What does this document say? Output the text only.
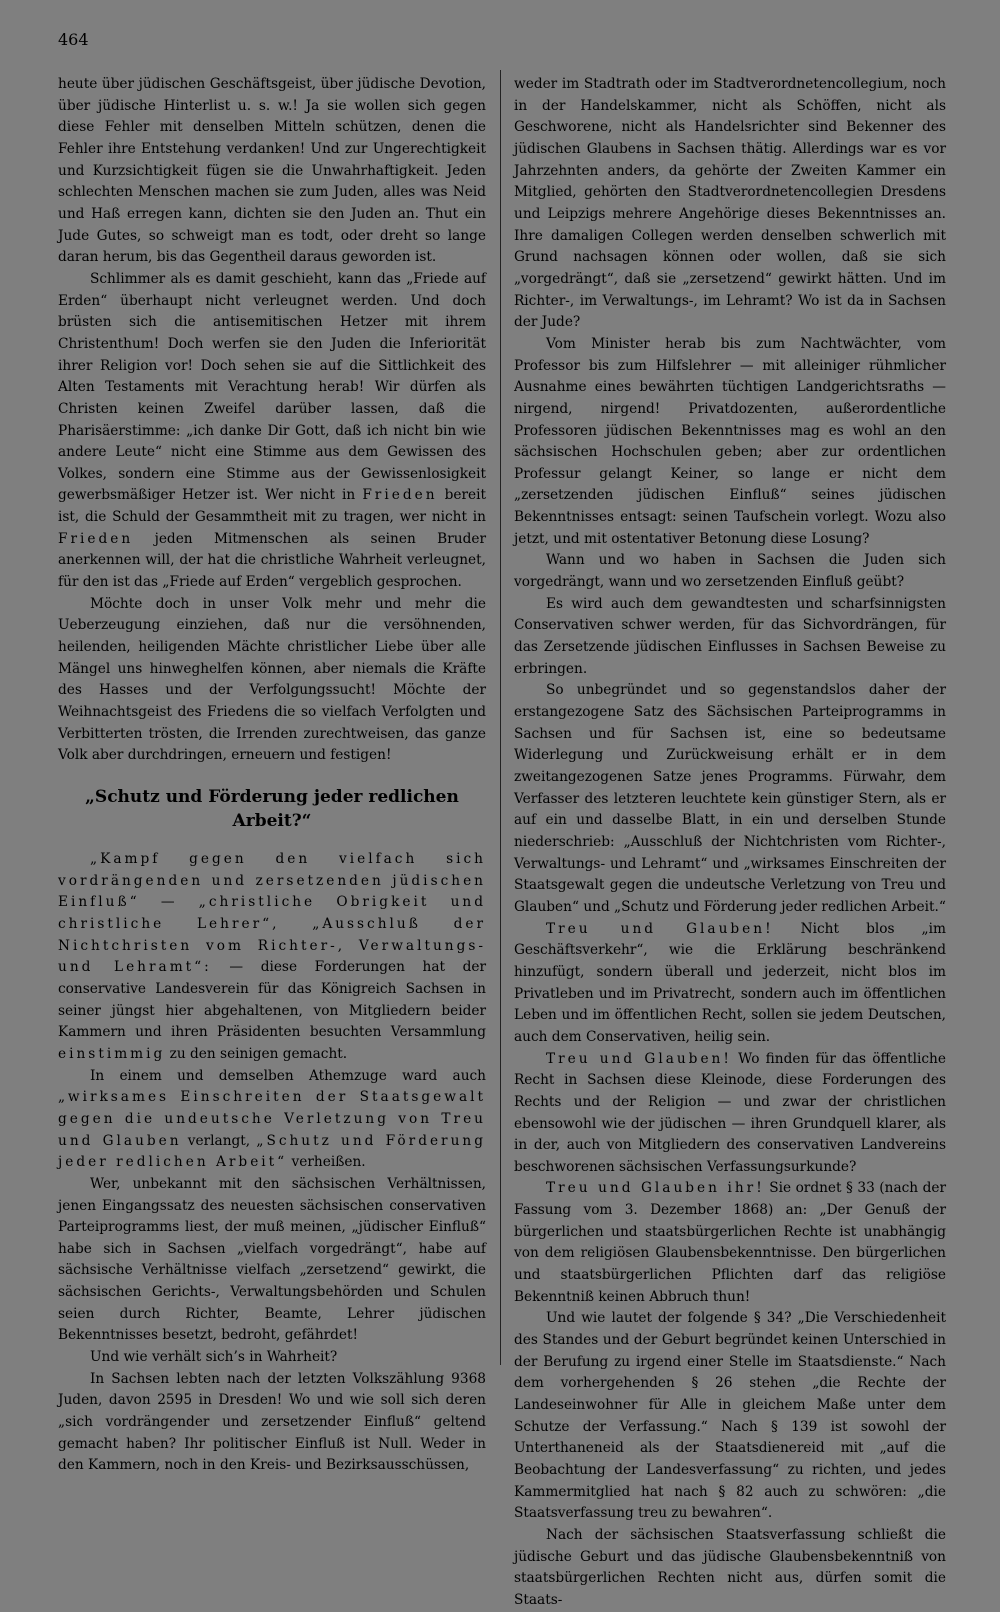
464

heute über jüdischen Geschäftsgeist, über jüdische Devotion, über jüdische Hinterlist u. s. w.! Ja sie wollen sich gegen diese Fehler mit denselben Mitteln schützen, denen die Fehler ihre Entstehung verdanken! Und zur Ungerechtigkeit und Kurzsichtigkeit fügen sie die Unwahrhaftigkeit. Jeden schlechten Menschen machen sie zum Juden, alles was Neid und Haß erregen kann, dichten sie den Juden an. Thut ein Jude Gutes, so schweigt man es todt, oder dreht so lange daran herum, bis das Gegentheil daraus geworden ist.

Schlimmer als es damit geschieht, kann das „Friede auf Erden“ überhaupt nicht verleugnet werden. Und doch brüsten sich die antisemitischen Hetzer mit ihrem Christenthum! Doch werfen sie den Juden die Inferiorität ihrer Religion vor! Doch sehen sie auf die Sittlichkeit des Alten Testaments mit Verachtung herab! Wir dürfen als Christen keinen Zweifel darüber lassen, daß die Pharisäerstimme: „ich danke Dir Gott, daß ich nicht bin wie andere Leute“ nicht eine Stimme aus dem Gewissen des Volkes, sondern eine Stimme aus der Gewissenlosigkeit gewerbsmäßiger Hetzer ist. Wer nicht in Frieden bereit ist, die Schuld der Gesammtheit mit zu tragen, wer nicht in Frieden jeden Mitmenschen als seinen Bruder anerkennen will, der hat die christliche Wahrheit verleugnet, für den ist das „Friede auf Erden“ vergeblich gesprochen.

Möchte doch in unser Volk mehr und mehr die Ueberzeugung einziehen, daß nur die versöhnenden, heilenden, heiligenden Mächte christlicher Liebe über alle Mängel uns hinweghelfen können, aber niemals die Kräfte des Hasses und der Verfolgungssucht! Möchte der Weihnachtsgeist des Friedens die so vielfach Verfolgten und Verbitterten trösten, die Irrenden zurechtweisen, das ganze Volk aber durchdringen, erneuern und festigen!

„Schutz und Förderung jeder redlichen Arbeit?“

„Kampf gegen den vielfach sich vordrängenden und zersetzenden jüdischen Einfluß“ — „christliche Obrigkeit und christliche Lehrer“, „Ausschluß der Nichtchristen vom Richter-, Verwaltungs- und Lehramt“: — diese Forderungen hat der conservative Landesverein für das Königreich Sachsen in seiner jüngst hier abgehaltenen, von Mitgliedern beider Kammern und ihren Präsidenten besuchten Versammlung einstimmig zu den seinigen gemacht.

In einem und demselben Athemzuge ward auch „wirksames Einschreiten der Staatsgewalt gegen die undeutsche Verletzung von Treu und Glauben verlangt, „Schutz und Förderung jeder redlichen Arbeit“ verheißen.

Wer, unbekannt mit den sächsischen Verhältnissen, jenen Eingangssatz des neuesten sächsischen conservativen Parteiprogramms liest, der muß meinen, „jüdischer Einfluß“ habe sich in Sachsen „vielfach vorgedrängt“, habe auf sächsische Verhältnisse vielfach „zersetzend“ gewirkt, die sächsischen Gerichts-, Verwaltungsbehörden und Schulen seien durch Richter, Beamte, Lehrer jüdischen Bekenntnisses besetzt, bedroht, gefährdet!

Und wie verhält sich’s in Wahrheit?

In Sachsen lebten nach der letzten Volkszählung 9368 Juden, davon 2595 in Dresden! Wo und wie soll sich deren „sich vordrängender und zersetzender Einfluß“ geltend gemacht haben? Ihr politischer Einfluß ist Null. Weder in den Kammern, noch in den Kreis- und Bezirksausschüssen,

weder im Stadtrath oder im Stadtverordnetencollegium, noch in der Handelskammer, nicht als Schöffen, nicht als Geschworene, nicht als Handelsrichter sind Bekenner des jüdischen Glaubens in Sachsen thätig. Allerdings war es vor Jahrzehnten anders, da gehörte der Zweiten Kammer ein Mitglied, gehörten den Stadtverordnetencollegien Dresdens und Leipzigs mehrere Angehörige dieses Bekenntnisses an. Ihre damaligen Collegen werden denselben schwerlich mit Grund nachsagen können oder wollen, daß sie sich „vorgedrängt“, daß sie „zersetzend“ gewirkt hätten. Und im Richter-, im Verwaltungs-, im Lehramt? Wo ist da in Sachsen der Jude?

Vom Minister herab bis zum Nachtwächter, vom Professor bis zum Hilfslehrer — mit alleiniger rühmlicher Ausnahme eines bewährten tüchtigen Landgerichtsraths — nirgend, nirgend! Privatdozenten, außerordentliche Professoren jüdischen Bekenntnisses mag es wohl an den sächsischen Hochschulen geben; aber zur ordentlichen Professur gelangt Keiner, so lange er nicht dem „zersetzenden jüdischen Einfluß“ seines jüdischen Bekenntnisses entsagt: seinen Taufschein vorlegt. Wozu also jetzt, und mit ostentativer Betonung diese Losung?

Wann und wo haben in Sachsen die Juden sich vorgedrängt, wann und wo zersetzenden Einfluß geübt?

Es wird auch dem gewandtesten und scharfsinnigsten Conservativen schwer werden, für das Sichvordrängen, für das Zersetzende jüdischen Einflusses in Sachsen Beweise zu erbringen.

So unbegründet und so gegenstandslos daher der erstangezogene Satz des Sächsischen Parteiprogramms in Sachsen und für Sachsen ist, eine so bedeutsame Widerlegung und Zurückweisung erhält er in dem zweitangezogenen Satze jenes Programms. Fürwahr, dem Verfasser des letzteren leuchtete kein günstiger Stern, als er auf ein und dasselbe Blatt, in ein und derselben Stunde niederschrieb: „Ausschluß der Nichtchristen vom Richter-, Verwaltungs- und Lehramt“ und „wirksames Einschreiten der Staatsgewalt gegen die undeutsche Verletzung von Treu und Glauben“ und „Schutz und Förderung jeder redlichen Arbeit.“

Treu und Glauben! Nicht blos „im Geschäftsverkehr“, wie die Erklärung beschränkend hinzufügt, sondern überall und jederzeit, nicht blos im Privatleben und im Privatrecht, sondern auch im öffentlichen Leben und im öffentlichen Recht, sollen sie jedem Deutschen, auch dem Conservativen, heilig sein.

Treu und Glauben! Wo finden für das öffentliche Recht in Sachsen diese Kleinode, diese Forderungen des Rechts und der Religion — und zwar der christlichen ebensowohl wie der jüdischen — ihren Grundquell klarer, als in der, auch von Mitgliedern des conservativen Landvereins beschworenen sächsischen Verfassungsurkunde?

Treu und Glauben ihr! Sie ordnet § 33 (nach der Fassung vom 3. Dezember 1868) an: „Der Genuß der bürgerlichen und staatsbürgerlichen Rechte ist unabhängig von dem religiösen Glaubensbekenntnisse. Den bürgerlichen und staatsbürgerlichen Pflichten darf das religiöse Bekenntniß keinen Abbruch thun!

Und wie lautet der folgende § 34? „Die Verschiedenheit des Standes und der Geburt begründet keinen Unterschied in der Berufung zu irgend einer Stelle im Staatsdienste.“ Nach dem vorhergehenden § 26 stehen „die Rechte der Landeseinwohner für Alle in gleichem Maße unter dem Schutze der Verfassung.“ Nach § 139 ist sowohl der Unterthaneneid als der Staatsdienereid mit „auf die Beobachtung der Landesverfassung“ zu richten, und jedes Kammermitglied hat nach § 82 auch zu schwören: „die Staatsverfassung treu zu bewahren“.

Nach der sächsischen Staatsverfassung schließt die jüdische Geburt und das jüdische Glaubensbekenntniß von staatsbürgerlichen Rechten nicht aus, dürfen somit die Staats-
